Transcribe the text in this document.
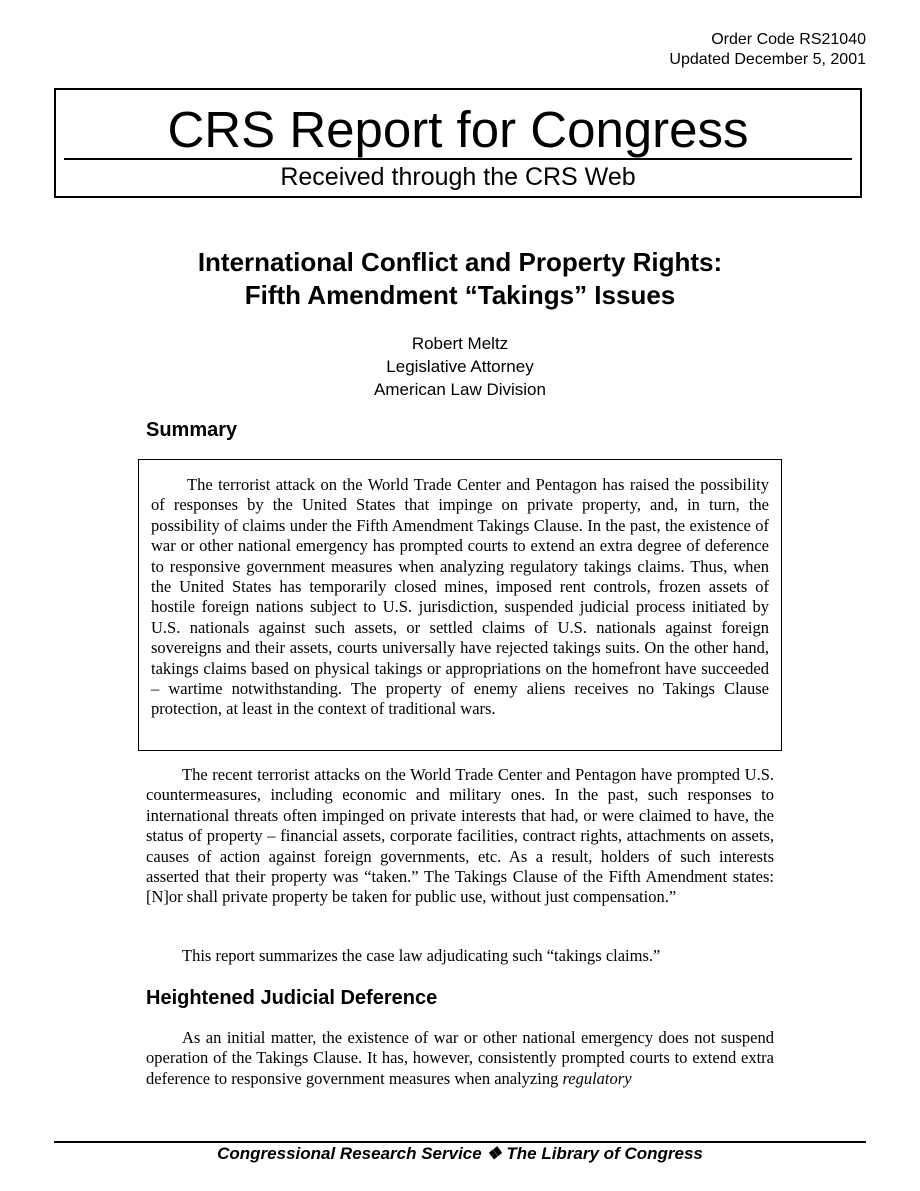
Order Code RS21040
Updated December 5, 2001
CRS Report for Congress
Received through the CRS Web
International Conflict and Property Rights:
Fifth Amendment “Takings” Issues
Robert Meltz
Legislative Attorney
American Law Division
Summary

The terrorist attack on the World Trade Center and Pentagon has raised the possibility of responses by the United States that impinge on private property, and, in turn, the possibility of claims under the Fifth Amendment Takings Clause. In the past, the existence of war or other national emergency has prompted courts to extend an extra degree of deference to responsive government measures when analyzing regulatory takings claims. Thus, when the United States has temporarily closed mines, imposed rent controls, frozen assets of hostile foreign nations subject to U.S. jurisdiction, suspended judicial process initiated by U.S. nationals against such assets, or settled claims of U.S. nationals against foreign sovereigns and their assets, courts universally have rejected takings suits. On the other hand, takings claims based on physical takings or appropriations on the homefront have succeeded – wartime notwithstanding. The property of enemy aliens receives no Takings Clause protection, at least in the context of traditional wars.

The recent terrorist attacks on the World Trade Center and Pentagon have prompted U.S. countermeasures, including economic and military ones. In the past, such responses to international threats often impinged on private interests that had, or were claimed to have, the status of property – financial assets, corporate facilities, contract rights, attachments on assets, causes of action against foreign governments, etc. As a result, holders of such interests asserted that their property was “taken.” The Takings Clause of the Fifth Amendment states: [N]or shall private property be taken for public use, without just compensation.”

This report summarizes the case law adjudicating such “takings claims.”

Heightened Judicial Deference

As an initial matter, the existence of war or other national emergency does not suspend operation of the Takings Clause. It has, however, consistently prompted courts to extend extra deference to responsive government measures when analyzing regulatory

Congressional Research Service ❖ The Library of Congress
